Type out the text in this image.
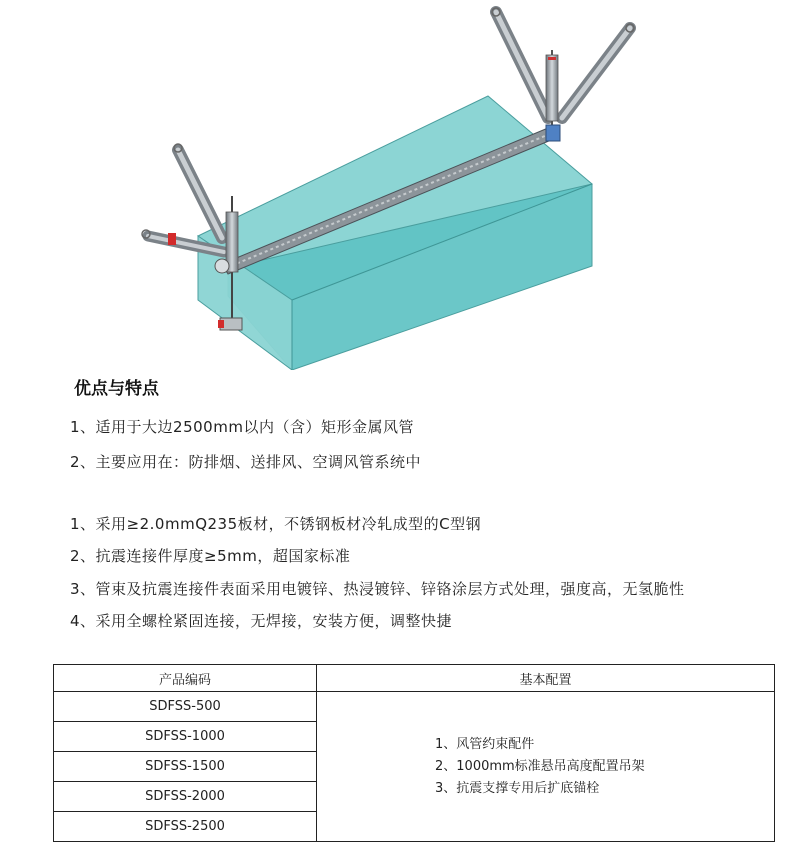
优点与特点
1、适用于大边2500mm以内（含）矩形金属风管
2、主要应用在：防排烟、送排风、空调风管系统中
1、采用≥2.0mmQ235板材，不锈钢板材冷轧成型的C型钢
2、抗震连接件厚度≥5mm，超国家标准
3、管束及抗震连接件表面采用电镀锌、热浸镀锌、锌铬涂层方式处理，强度高，无氢脆性
4、采用全螺栓紧固连接，无焊接，安装方便，调整快捷
产品编码	基本配置
SDFSS-500	1、风管约束配件
2、1000mm标准悬吊高度配置吊架
3、抗震支撑专用后扩底锚栓

SDFSS-1000	
SDFSS-1500	
SDFSS-2000	
SDFSS-2500	
